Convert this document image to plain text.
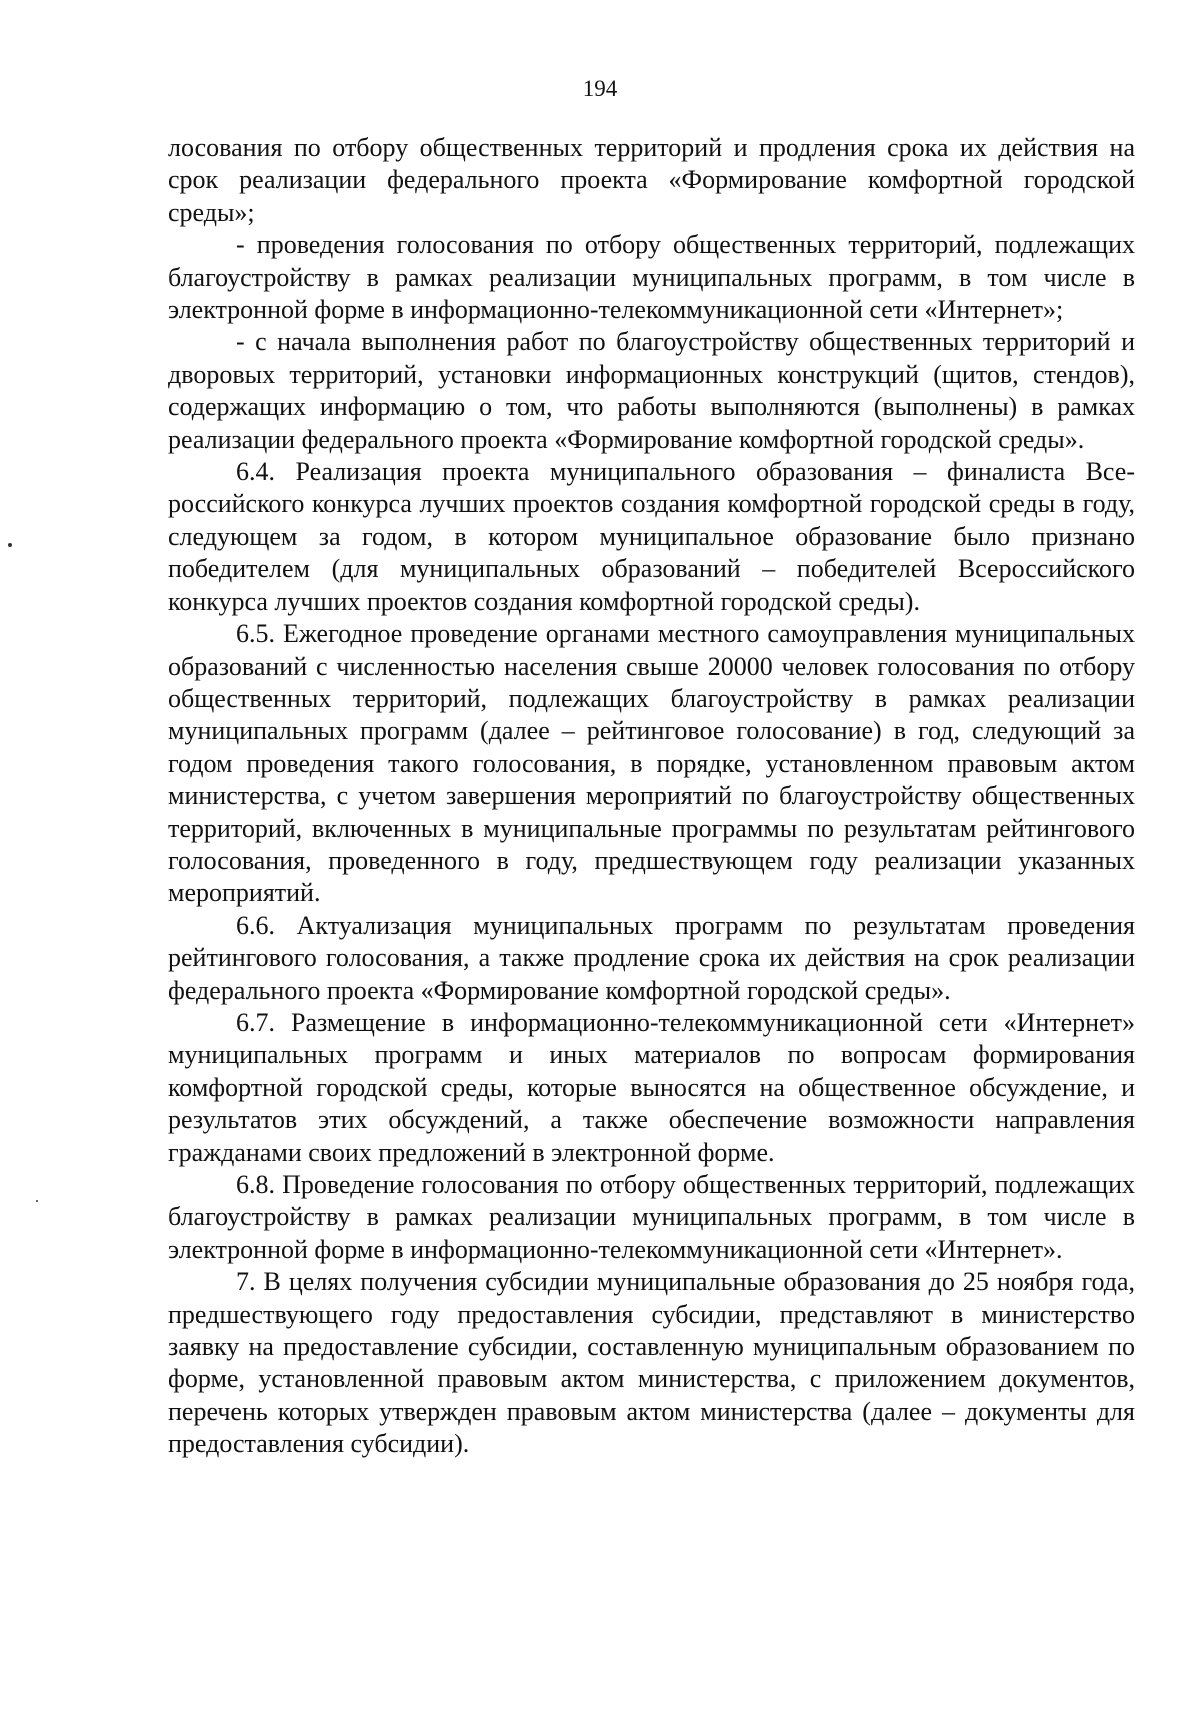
194

лосования по отбору общественных территорий и продления срока их действия на срок реализации федерального проекта «Формирование комфортной городской среды»;

- проведения голосования по отбору общественных территорий, подлежащих благоустройству в рамках реализации муниципальных программ, в том числе в электронной форме в информационно-телекоммуникационной сети «Интернет»;

- с начала выполнения работ по благоустройству общественных территорий и дворовых территорий, установки информационных конструкций (щитов, стендов), содержащих информацию о том, что работы выполняются (выполнены) в рамках реализации федерального проекта «Формирование комфортной городской среды».

6.4. Реализация проекта муниципального образования – финалиста Всероссийского конкурса лучших проектов создания комфортной городской среды в году, следующем за годом, в котором муниципальное образование было признано победителем (для муниципальных образований – победителей Всероссийского конкурса лучших проектов создания комфортной городской среды).

6.5. Ежегодное проведение органами местного самоуправления муниципальных образований с численностью населения свыше 20000 человек голосования по отбору общественных территорий, подлежащих благоустройству в рамках реализации муниципальных программ (далее – рейтинговое голосование) в год, следующий за годом проведения такого голосования, в порядке, установленном правовым актом министерства, с учетом завершения мероприятий по благоустройству общественных территорий, включенных в муниципальные программы по результатам рейтингового голосования, проведенного в году, предшествующем году реализации указанных мероприятий.

6.6. Актуализация муниципальных программ по результатам проведения рейтингового голосования, а также продление срока их действия на срок реализации федерального проекта «Формирование комфортной городской среды».

6.7. Размещение в информационно-телекоммуникационной сети «Интернет» муниципальных программ и иных материалов по вопросам формирования комфортной городской среды, которые выносятся на общественное обсуждение, и результатов этих обсуждений, а также обеспечение возможности направления гражданами своих предложений в электронной форме.

6.8. Проведение голосования по отбору общественных территорий, подлежащих благоустройству в рамках реализации муниципальных программ, в том числе в электронной форме в информационно-телекоммуникационной сети «Интернет».

7. В целях получения субсидии муниципальные образования до 25 ноября года, предшествующего году предоставления субсидии, представляют в министерство заявку на предоставление субсидии, составленную муниципальным образованием по форме, установленной правовым актом министерства, с приложением документов, перечень которых утвержден правовым актом министерства (далее – документы для предоставления субсидии).
